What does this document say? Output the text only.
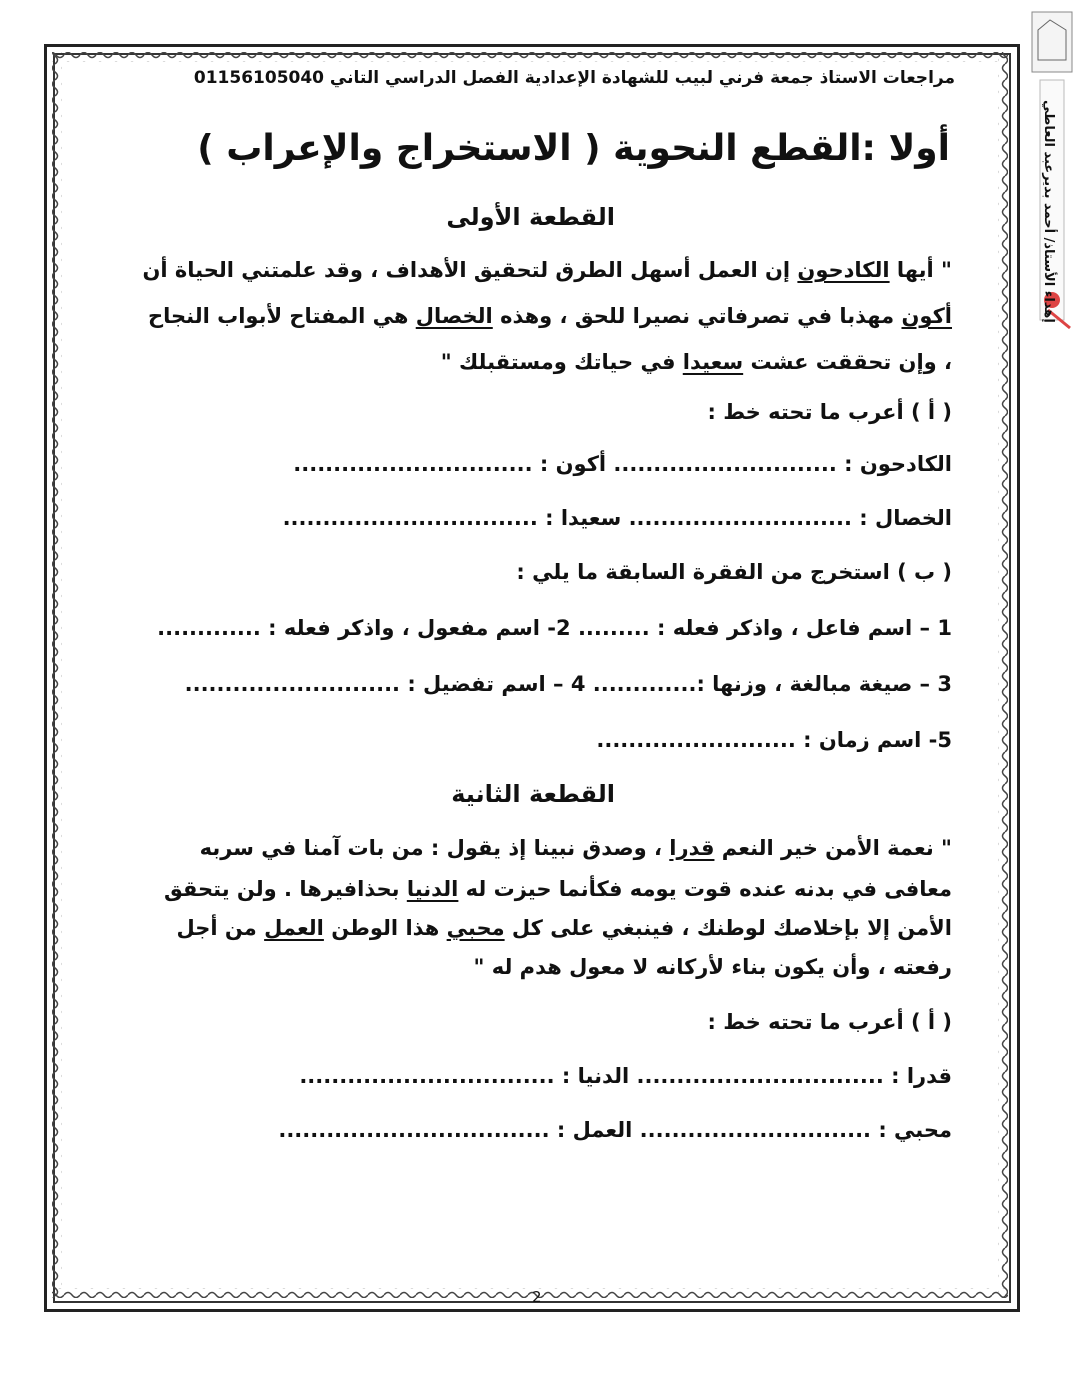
إهداء الأستاذ/ أحمد بديرعبد العاطي
مراجعات الاستاذ جمعة فرني لبيب للشهادة الإعدادية الفصل الدراسي التاني 01156105040
أولا :القطع النحوية ( الاستخراج والإعراب )
القطعة الأولى
" أيها الكادحون إن العمل أسهل الطرق لتحقيق الأهداف ، وقد علمتني الحياة أن
أكون مهذبا في تصرفاتي نصيرا للحق ، وهذه الخصال هي المفتاح لأبواب النجاح
، وإن تحققت عشت سعيدا في حياتك ومستقبلك "
( أ ) أعرب ما تحته خط :
الكادحون : ............................ أكون : ..............................
الخصال : ............................ سعيدا : ................................
( ب ) استخرج من الفقرة السابقة ما يلي :
1 – اسم فاعل ، واذكر فعله : ......... 2- اسم مفعول ، واذكر فعله : .............
3 – صيغة مبالغة ، وزنها :............. 4 – اسم تفضيل : ...........................
5- اسم زمان : .........................
القطعة الثانية
" نعمة الأمن خير النعم قدرا ، وصدق نبينا إذ يقول : من بات آمنا في سربه
معافى في بدنه عنده قوت يومه فكأنما حيزت له الدنيا بحذافيرها . ولن يتحقق
الأمن إلا بإخلاصك لوطنك ، فينبغي على كل محبي هذا الوطن العمل من أجل
رفعته ، وأن يكون بناء لأركانه لا معول هدم له "
( أ ) أعرب ما تحته خط :
قدرا : ............................... الدنيا : ................................
محبي : ............................. العمل : ..................................
2
